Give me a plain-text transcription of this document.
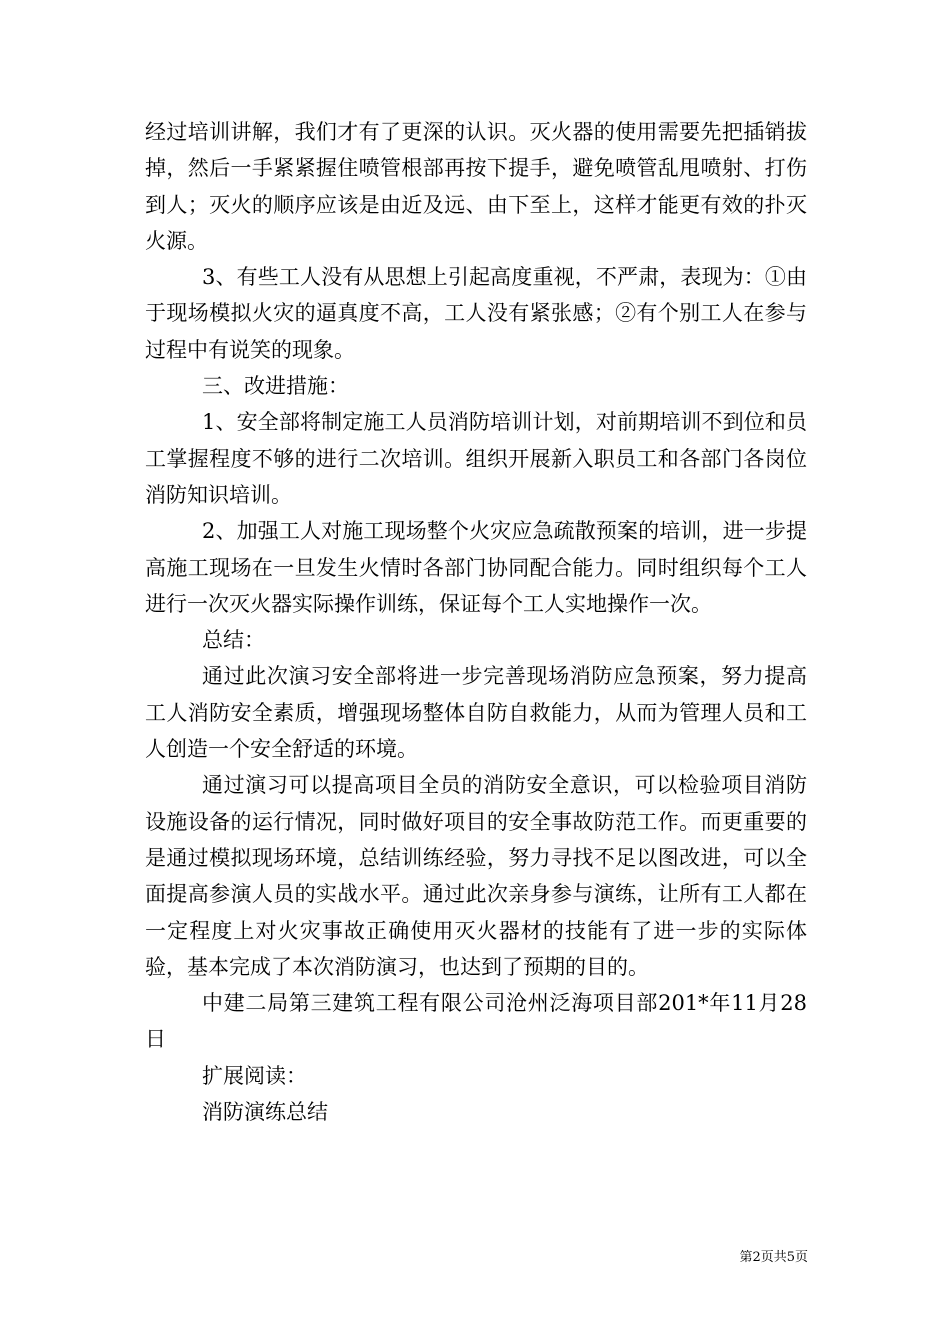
经过培训讲解，我们才有了更深的认识。灭火器的使用需要先把插销拔掉，然后一手紧紧握住喷管根部再按下提手，避免喷管乱甩喷射、打伤到人；灭火的顺序应该是由近及远、由下至上，这样才能更有效的扑灭火源。

3、有些工人没有从思想上引起高度重视，不严肃，表现为：①由于现场模拟火灾的逼真度不高，工人没有紧张感；②有个别工人在参与过程中有说笑的现象。

三、改进措施：

1、安全部将制定施工人员消防培训计划，对前期培训不到位和员工掌握程度不够的进行二次培训。组织开展新入职员工和各部门各岗位消防知识培训。

2、加强工人对施工现场整个火灾应急疏散预案的培训，进一步提高施工现场在一旦发生火情时各部门协同配合能力。同时组织每个工人进行一次灭火器实际操作训练，保证每个工人实地操作一次。

总结：

通过此次演习安全部将进一步完善现场消防应急预案，努力提高工人消防安全素质，增强现场整体自防自救能力，从而为管理人员和工人创造一个安全舒适的环境。

通过演习可以提高项目全员的消防安全意识，可以检验项目消防设施设备的运行情况，同时做好项目的安全事故防范工作。而更重要的是通过模拟现场环境，总结训练经验，努力寻找不足以图改进，可以全面提高参演人员的实战水平。通过此次亲身参与演练，让所有工人都在一定程度上对火灾事故正确使用灭火器材的技能有了进一步的实际体验，基本完成了本次消防演习，也达到了预期的目的。

中建二局第三建筑工程有限公司沧州泛海项目部201*年11月28日

扩展阅读：

消防演练总结

第2页共5页
